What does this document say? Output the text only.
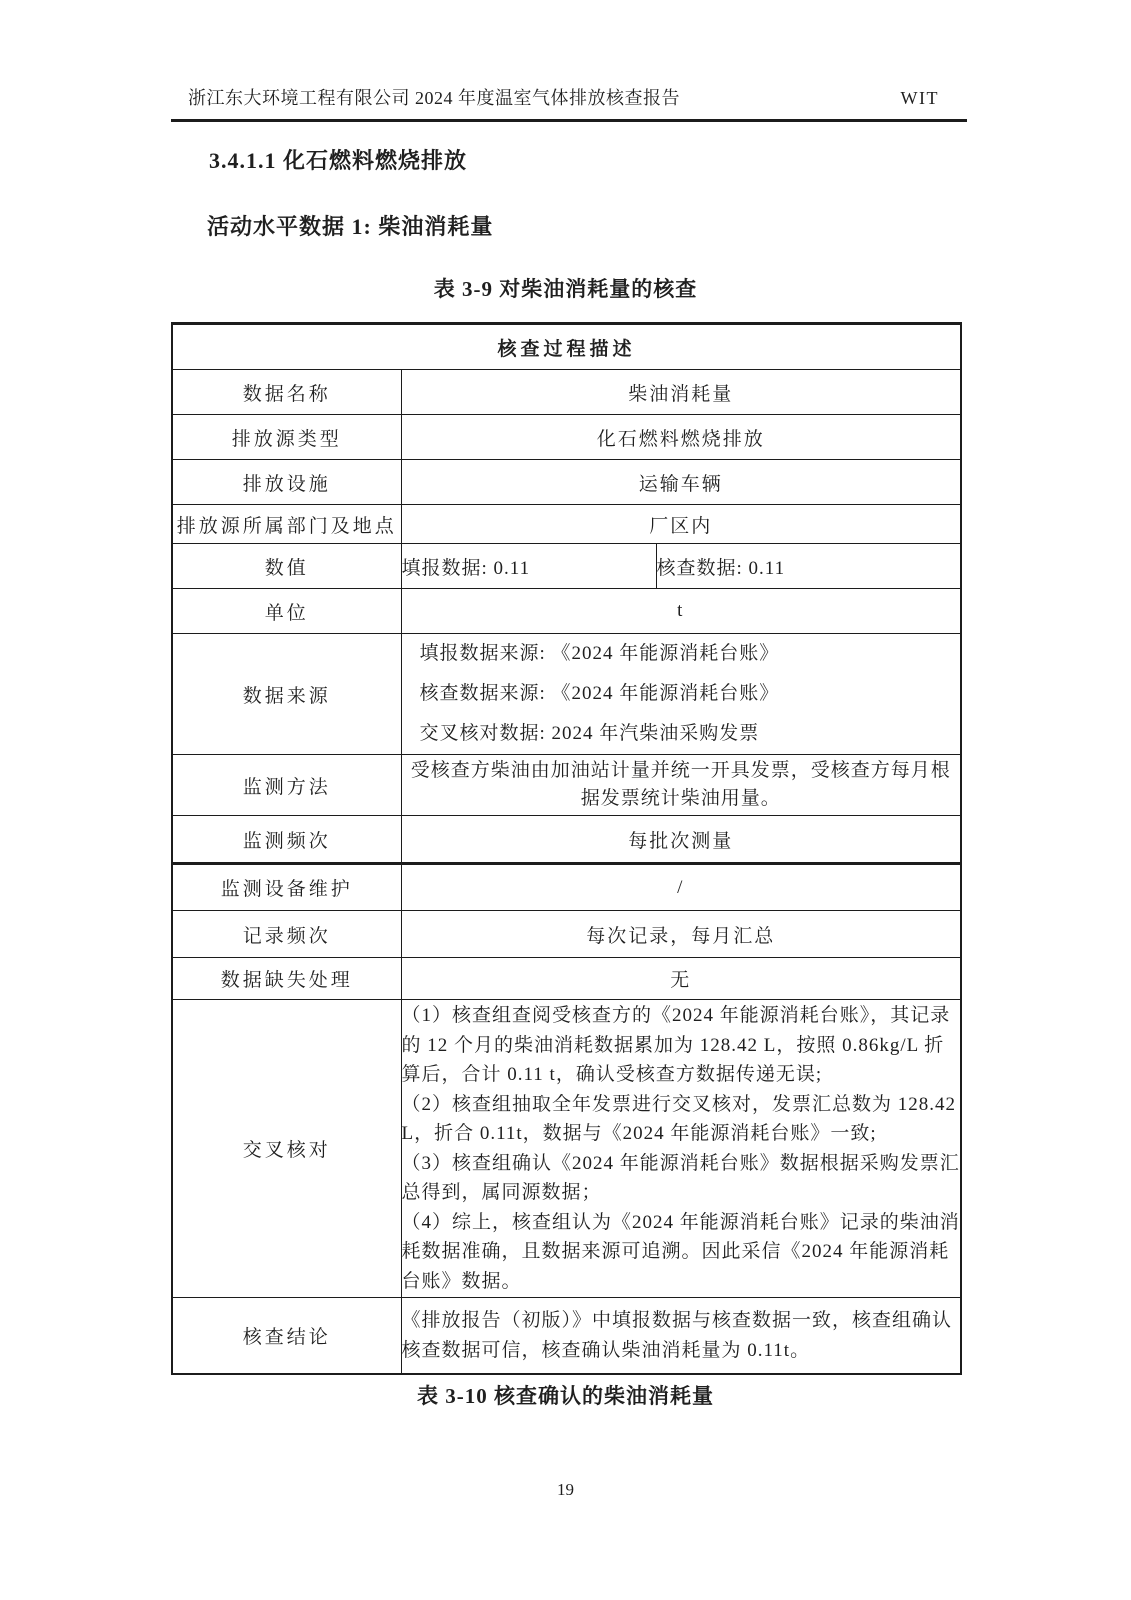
浙江东大环境工程有限公司 2024 年度温室气体排放核查报告	WIT
3.4.1.1 化石燃料燃烧排放
活动水平数据 1: 柴油消耗量
表 3-9 对柴油消耗量的核查
核查过程描述		
数据名称	柴油消耗量	
排放源类型	化石燃料燃烧排放	
排放设施	运输车辆	
排放源所属部门及地点	厂区内	
数值	填报数据: 0.11	核查数据: 0.11
单位	t	
数据来源	填报数据来源: 《2024 年能源消耗台账》

核查数据来源: 《2024 年能源消耗台账》

交叉核对数据: 2024 年汽柴油采购发票	

监测方法	受核查方柴油由加油站计量并统一开具发票，受核查方每月根据发票统计柴油用量。	
监测频次	每批次测量	
监测设备维护	/	
记录频次	每次记录，每月汇总	
数据缺失处理	无	
交叉核对	（1）核查组查阅受核查方的《2024 年能源消耗台账》，其记录的 12 个月的柴油消耗数据累加为 128.42 L，按照 0.86kg/L 折算后，合计 0.11 t，确认受核查方数据传递无误;

（2）核查组抽取全年发票进行交叉核对，发票汇总数为 128.42 L，折合 0.11t，数据与《2024 年能源消耗台账》一致;

（3）核查组确认《2024 年能源消耗台账》数据根据采购发票汇总得到，属同源数据；

（4）综上，核查组认为《2024 年能源消耗台账》记录的柴油消耗数据准确，且数据来源可追溯。因此采信《2024 年能源消耗台账》数据。	

核查结论	《排放报告（初版）》中填报数据与核查数据一致，核查组确认核查数据可信，核查确认柴油消耗量为 0.11t。	
表 3-10 核查确认的柴油消耗量
19
